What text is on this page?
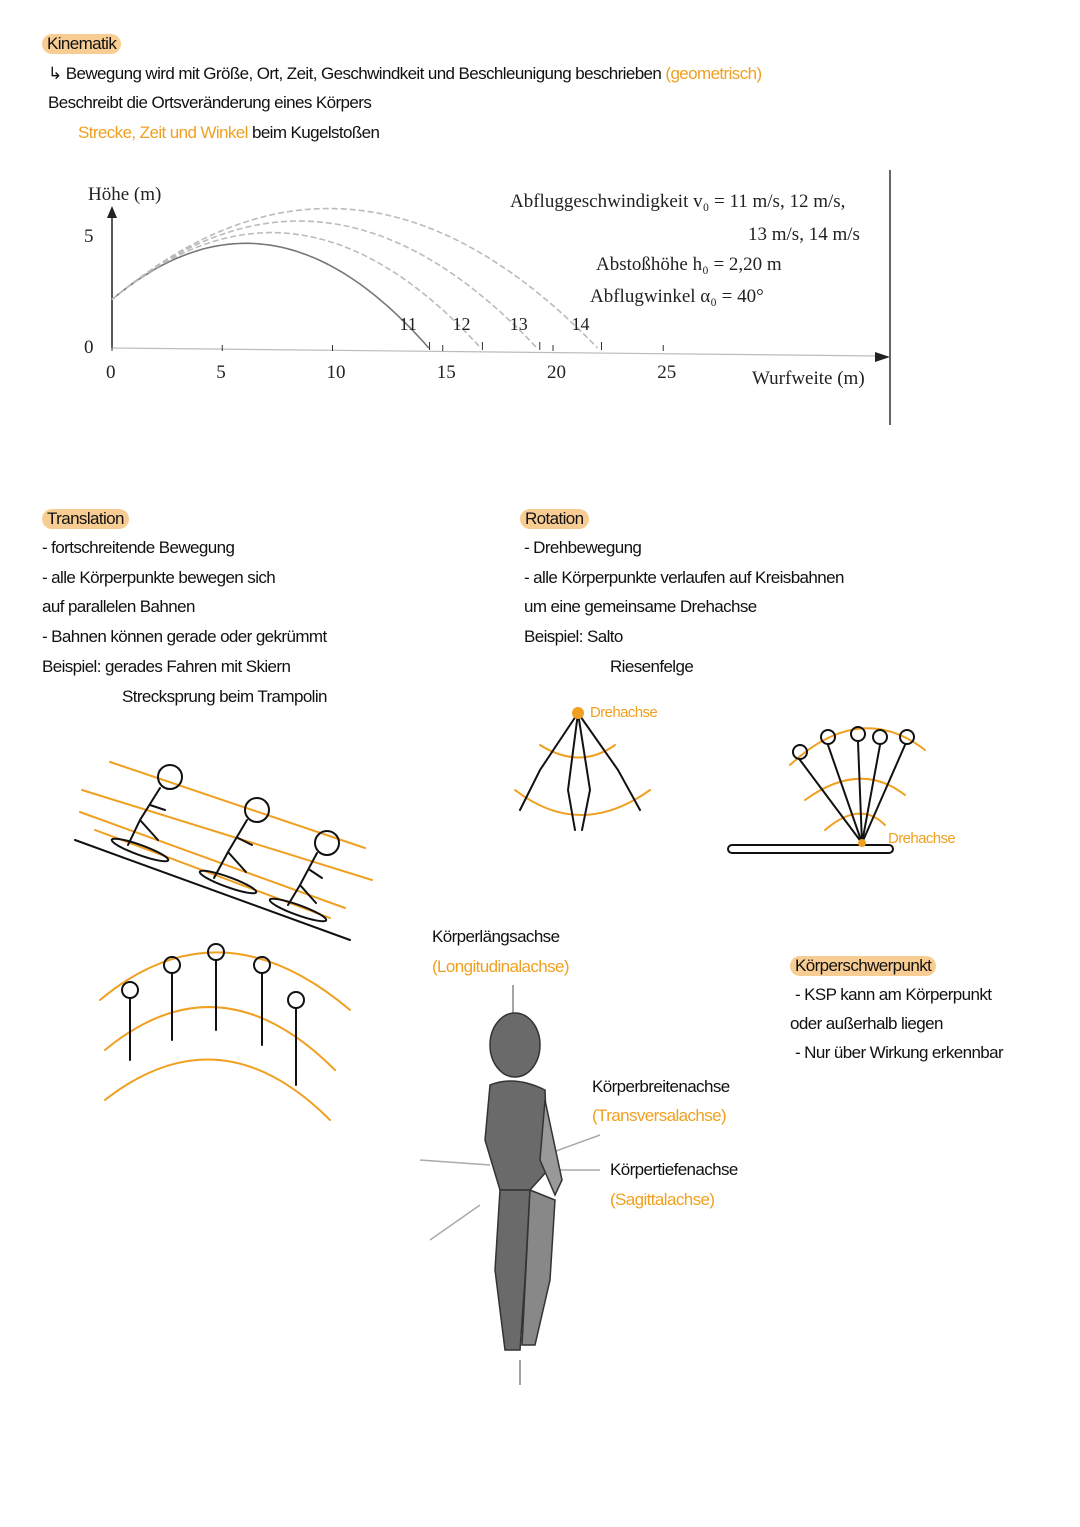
Kinematik
↳ Bewegung wird mit Größe, Ort, Zeit, Geschwindkeit und Beschleunigung beschrieben (geometrisch)
Beschreibt die Ortsveränderung eines Körpers
Strecke, Zeit und Winkel beim Kugelstoßen
Höhe (m)
Wurfweite (m)
Abfluggeschwindigkeit v₀ = 11 m/s, 12 m/s,
13 m/s, 14 m/s
Abstoßhöhe h₀ = 2,20 m
Abflugwinkel α₀ = 40°
5
0
0	5	10	15	20	25
11 12 13 14
Translation
- fortschreitende Bewegung
- alle Körperpunkte bewegen sich
auf parallelen Bahnen
- Bahnen können gerade oder gekrümmt
Beispiel: gerades Fahren mit Skiern
Strecksprung beim Trampolin
Rotation
- Drehbewegung
- alle Körperpunkte verlaufen auf Kreisbahnen
um eine gemeinsame Drehachse
Beispiel: Salto
Riesenfelge
Drehachse
Drehachse
Körperlängsachse
(Longitudinalachse)
Körperbreitenachse
(Transversalachse)
Körpertiefenachse
(Sagittalachse)
Körperschwerpunkt
- KSP kann am Körperpunkt
oder außerhalb liegen
- Nur über Wirkung erkennbar
